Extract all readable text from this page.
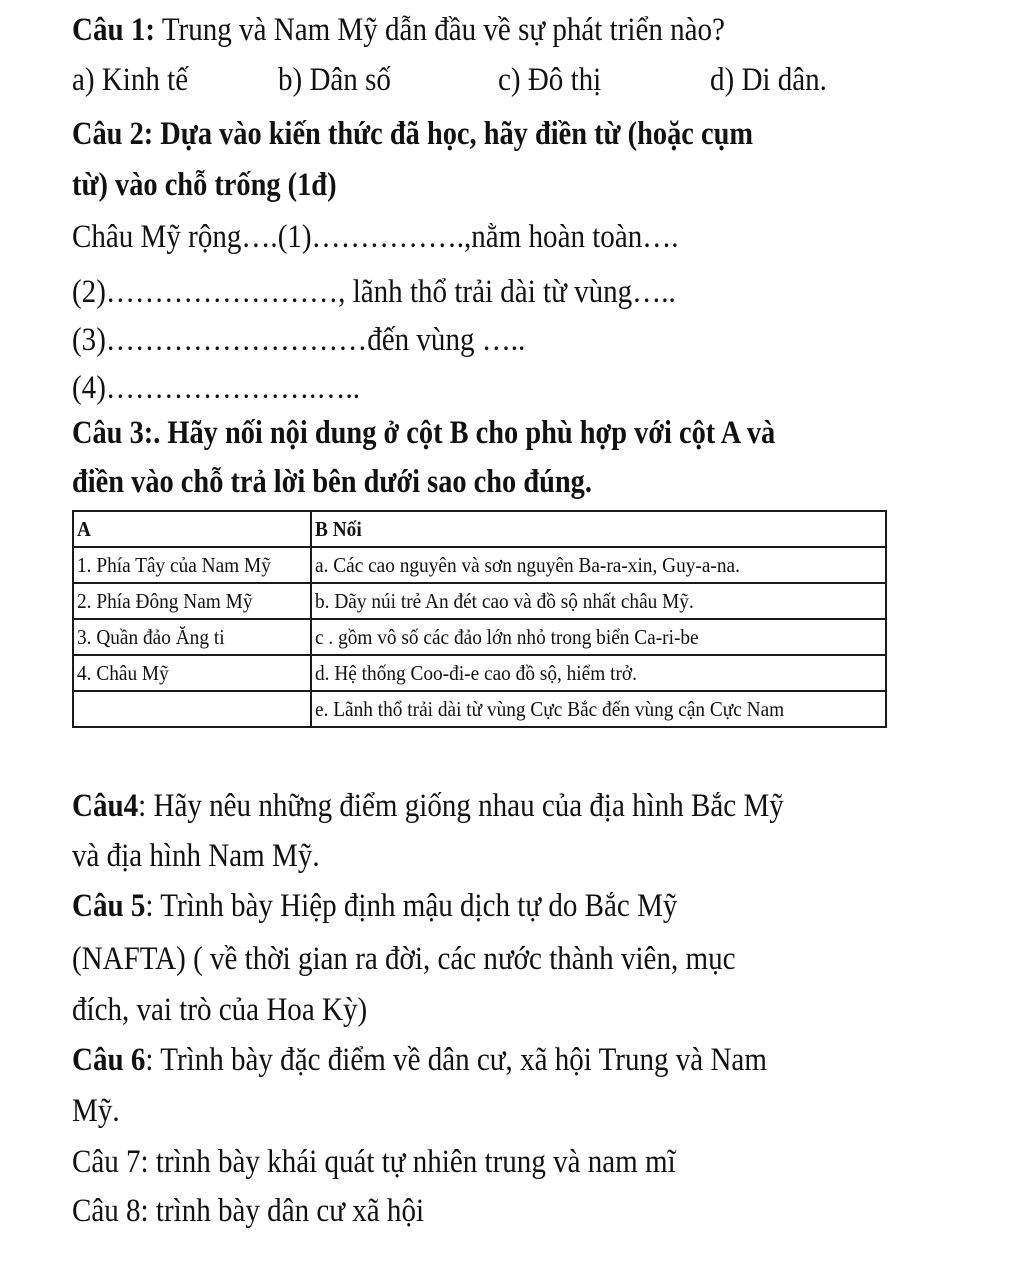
Câu 1: Trung và Nam Mỹ dẫn đầu về sự phát triển nào?
a) Kinh tế	b) Dân số	c) Đô thị	d) Di dân.
Câu 2: Dựa vào kiến thức đã học, hãy điền từ (hoặc cụm
từ) vào chỗ trống (1đ)
Châu Mỹ rộng….(1)…………….,nằm hoàn toàn….
(2)……………………, lãnh thổ trải dài từ vùng…..
(3)………………………đến vùng …..
(4)………………….…..
Câu 3:. Hãy nối nội dung ở cột B cho phù hợp với cột A và
điền vào chỗ trả lời bên dưới sao cho đúng.
A	B Nối
1. Phía Tây của Nam Mỹ	a. Các cao nguyên và sơn nguyên Ba-ra-xin, Guy-a-na.
2. Phía Đông Nam Mỹ	b. Dãy núi trẻ An đét cao và đồ sộ nhất châu Mỹ.
3. Quần đảo Ăng ti	c . gồm vô số các đảo lớn nhỏ trong biển Ca-ri-be
4. Châu Mỹ	d. Hệ thống Coo-đi-e cao đồ sộ, hiểm trở.
	e. Lãnh thổ trải dài từ vùng Cực Bắc đến vùng cận Cực Nam
Câu4: Hãy nêu những điểm giống nhau của địa hình Bắc Mỹ
và địa hình Nam Mỹ.
Câu 5: Trình bày Hiệp định mậu dịch tự do Bắc Mỹ
(NAFTA) ( về thời gian ra đời, các nước thành viên, mục
đích, vai trò của Hoa Kỳ)
Câu 6: Trình bày đặc điểm về dân cư, xã hội Trung và Nam
Mỹ.
Câu 7: trình bày khái quát tự nhiên trung và nam mĩ
Câu 8: trình bày dân cư xã hội
